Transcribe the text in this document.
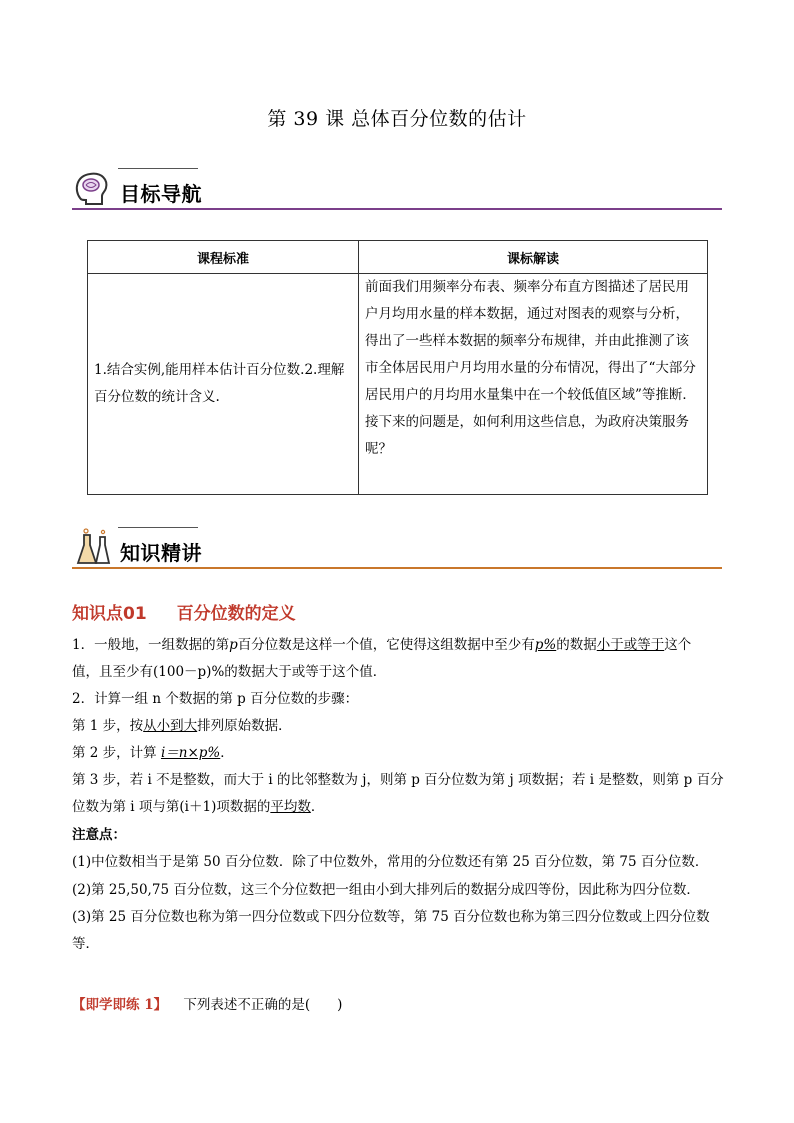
第 39 课 总体百分位数的估计
目标导航
课程标准	课标解读
1.结合实例,能用样本估计百分位数.2.理解百分位数的统计含义.	前面我们用频率分布表、频率分布直方图描述了居民用户月均用水量的样本数据，通过对图表的观察与分析，得出了一些样本数据的频率分布规律，并由此推测了该市全体居民用户月均用水量的分布情况，得出了“大部分居民用户的月均用水量集中在一个较低值区域”等推断．接下来的问题是，如何利用这些信息，为政府决策服务呢？
知识精讲
知识点01 百分位数的定义
1．一般地，一组数据的第p百分位数是这样一个值，它使得这组数据中至少有p%的数据小于或等于这个
值，且至少有(100－p)%的数据大于或等于这个值．
2．计算一组 n 个数据的第 p 百分位数的步骤：
第 1 步，按从小到大排列原始数据．
第 2 步，计算 i＝n×p%．
第 3 步，若 i 不是整数，而大于 i 的比邻整数为 j，则第 p 百分位数为第 j 项数据；若 i 是整数，则第 p 百分
位数为第 i 项与第(i＋1)项数据的平均数．
注意点：
(1)中位数相当于是第 50 百分位数．除了中位数外，常用的分位数还有第 25 百分位数，第 75 百分位数．
(2)第 25,50,75 百分位数，这三个分位数把一组由小到大排列后的数据分成四等份，因此称为四分位数．
(3)第 25 百分位数也称为第一四分位数或下四分位数等，第 75 百分位数也称为第三四分位数或上四分位数
等．
【即学即练 1】 下列表述不正确的是(　　)
